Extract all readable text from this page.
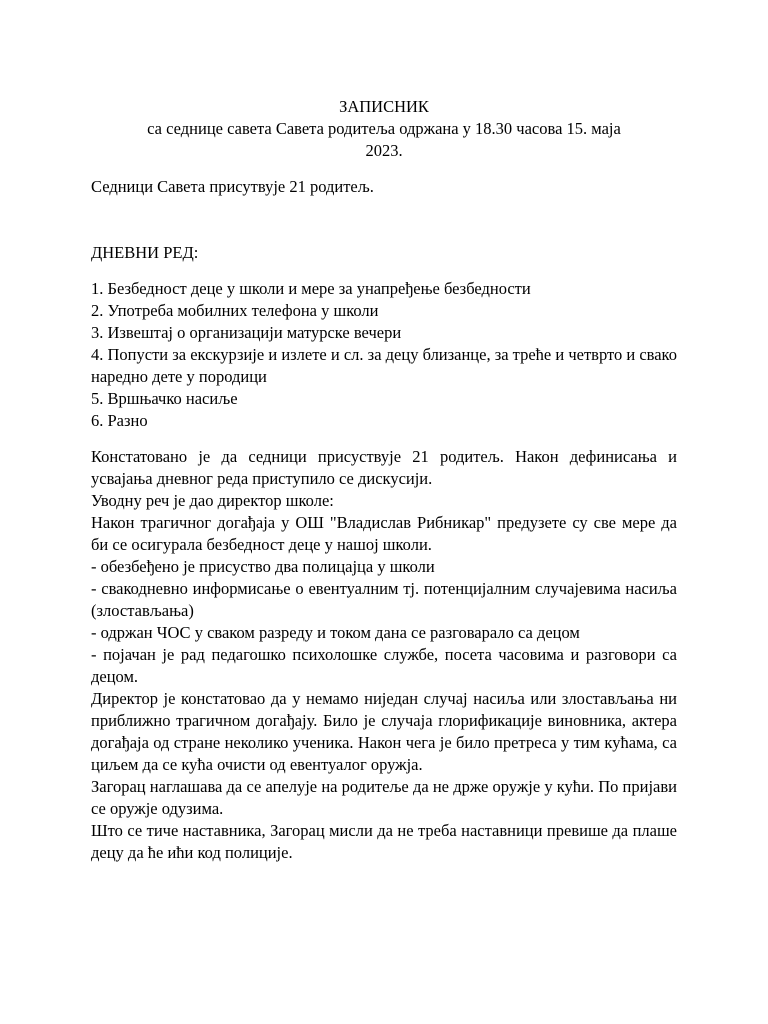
ЗАПИСНИК

са седнице савета Савета родитеља одржана у 18.30 часова 15. маја

2023.

Седници Савета присутвује 21 родитељ.

ДНЕВНИ РЕД:

1. Безбедност деце у школи и мере за унапређење безбедности
2. Употреба мобилних телефона у школи
3. Извештај о организацији матурске вечери
4. Попусти за екскурзије и излете и сл. за децу близанце, за треће и четврто и свако наредно дете у породици
5. Вршњачко насиље
6. Разно

Констатовано је да седници присуствује 21 родитељ. Након дефинисања и усвајања дневног реда приступило се дискусији.

Уводну реч је дао директор школе:

Након трагичног догађаја у ОШ "Владислав Рибникар" предузете су све мере да би се осигурала безбедност деце у нашој школи.

- обезбеђено је присуство два полицајца у школи

- свакодневно информисање о евентуалним тј. потенцијалним случајевима насиља (злостављања)

- одржан ЧОС у сваком разреду и током дана се разговарало са децом

- појачан је рад педагошко психолошке службе, посета часовима и разговори са децом.

Директор је констатовао да у немамо ниједан случај насиља или злостављања ни приближно трагичном догађају. Било је случаја глорификације виновника, актера догађаја од стране неколико ученика. Након чега је било претреса у тим кућама, са циљем да се кућа очисти од евентуалог оружја.

Загорац наглашава да се апелује на родитеље да не држе оружје у кући. По пријави се оружје одузима.

Што се тиче наставника, Загорац мисли да не треба наставници превише да плаше децу да ће ићи код полиције.
